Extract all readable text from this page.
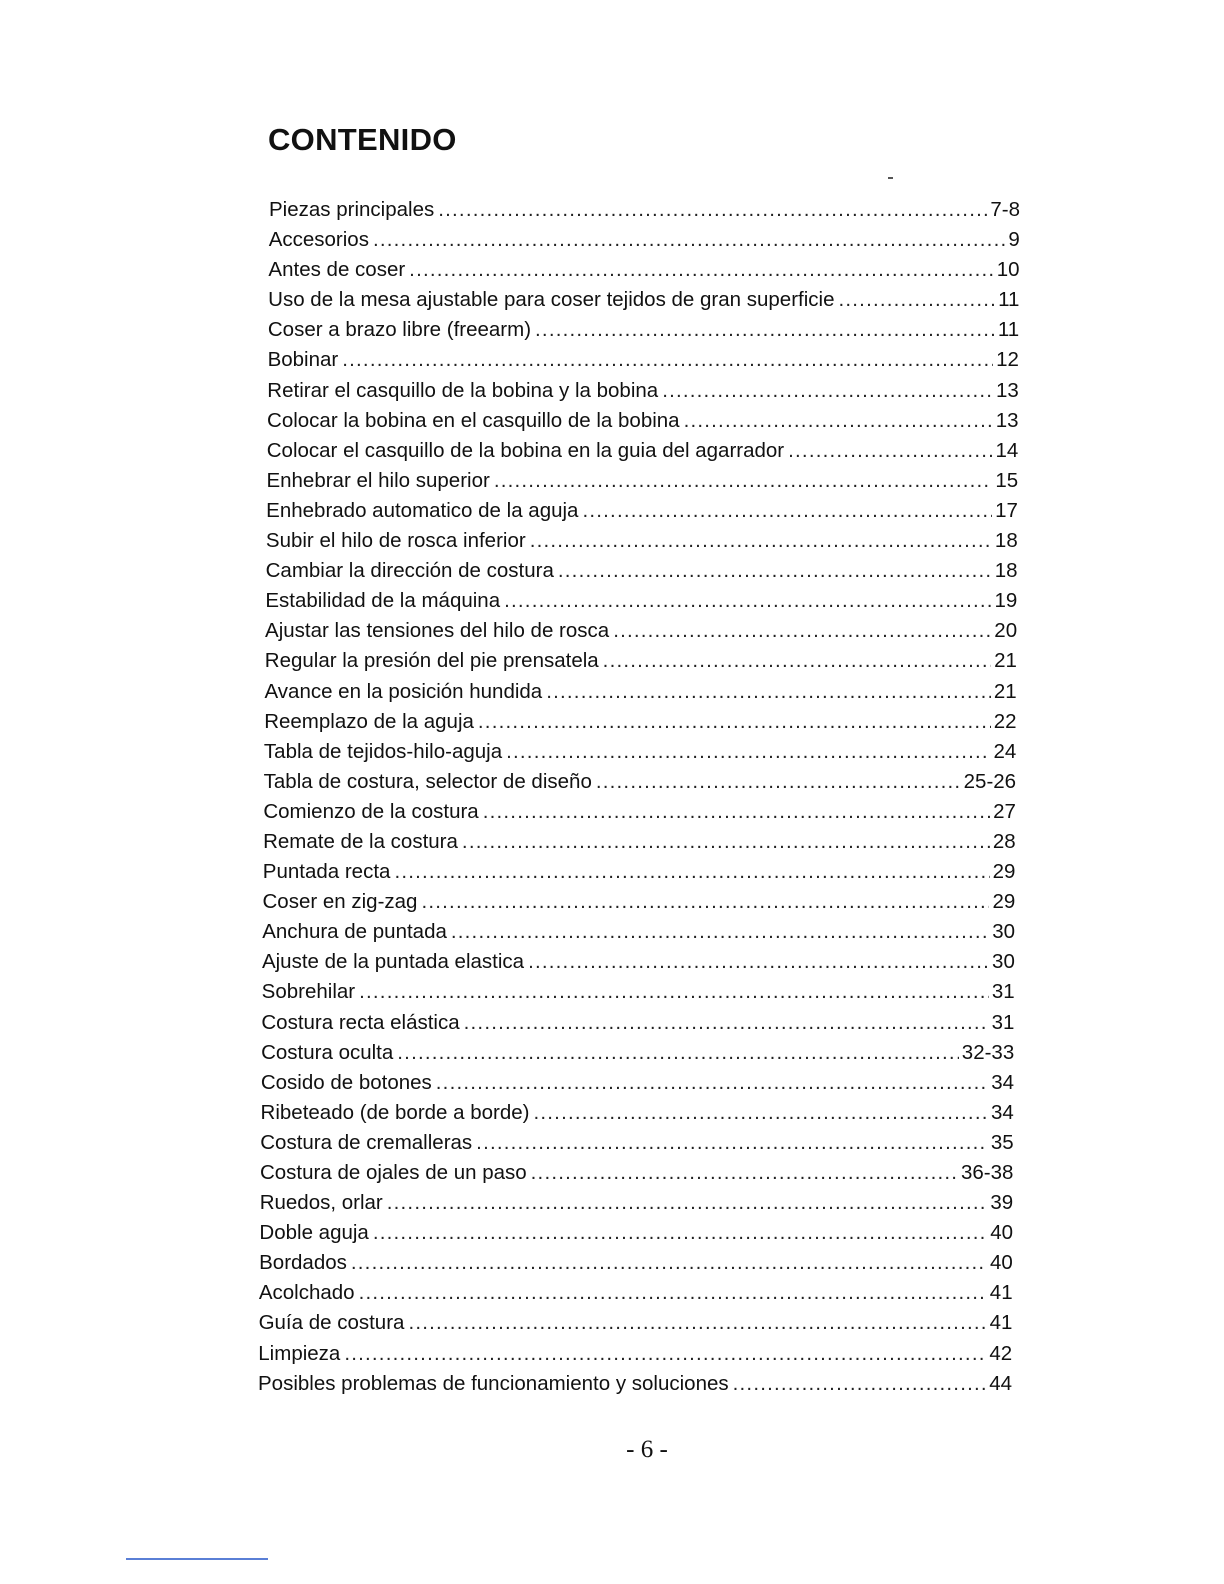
CONTENIDO
Piezas principales .....	7-8
Accesorios .....	9
Antes de coser .....	10
Uso de la mesa ajustable para coser tejidos de gran superficie .....	11
Coser a brazo libre (freearm) .....	11
Bobinar .....	12
Retirar el casquillo de la bobina y la bobina .....	13
Colocar la bobina en el casquillo de la bobina .....	13
Colocar el casquillo de la bobina en la guia del agarrador .....	14
Enhebrar el hilo superior .....	15
Enhebrado automatico de la aguja .....	17
Subir el hilo de rosca inferior .....	18
Cambiar la dirección de costura .....	18
Estabilidad de la máquina .....	19
Ajustar las tensiones del hilo de rosca .....	20
Regular la presión del pie prensatela .....	21
Avance en la posición hundida .....	21
Reemplazo de la aguja .....	22
Tabla de tejidos-hilo-aguja .....	24
Tabla de costura, selector de diseño .....	25-26
Comienzo de la costura .....	27
Remate de la costura .....	28
Puntada recta .....	29
Coser en zig-zag .....	29
Anchura de puntada .....	30
Ajuste de la puntada elastica .....	30
Sobrehilar .....	31
Costura recta elástica .....	31
Costura oculta .....	32-33
Cosido de botones .....	34
Ribeteado (de borde a borde) .....	34
Costura de cremalleras .....	35
Costura de ojales de un paso .....	36-38
Ruedos, orlar .....	39
Doble aguja .....	40
Bordados .....	40
Acolchado .....	41
Guía de costura .....	41
Limpieza .....	42
Posibles problemas de funcionamiento y soluciones .....	44
- 6 -
